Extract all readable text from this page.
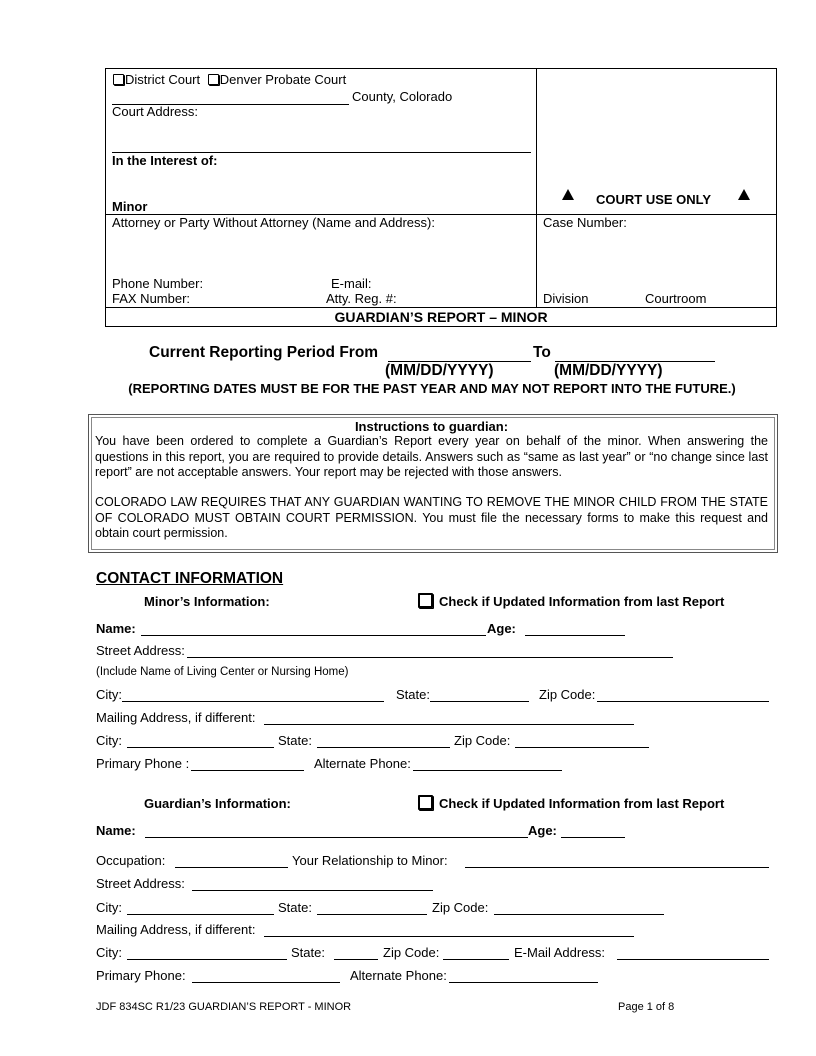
District Court Denver Probate Court
County, Colorado
Court Address:
In the Interest of:
Minor	COURT USE ONLY
Attorney or Party Without Attorney (Name and Address):
Phone Number:	E-mail:
FAX Number:	Atty. Reg. #:
Case Number:
Division	Courtroom
GUARDIAN’S REPORT – MINOR
Current Reporting Period From	To
(MM/DD/YYYY)	(MM/DD/YYYY)
(REPORTING DATES MUST BE FOR THE PAST YEAR AND MAY NOT REPORT INTO THE FUTURE.)
Instructions to guardian:
You have been ordered to complete a Guardian’s Report every year on behalf of the minor. When answering the questions in this report, you are required to provide details. Answers such as “same as last year” or “no change since last report” are not acceptable answers. Your report may be rejected with those answers.
COLORADO LAW REQUIRES THAT ANY GUARDIAN WANTING TO REMOVE THE MINOR CHILD FROM THE STATE OF COLORADO MUST OBTAIN COURT PERMISSION. You must file the necessary forms to make this request and obtain court permission.
CONTACT INFORMATION
Minor’s Information:	Check if Updated Information from last Report
Name:	Age:
Street Address:
(Include Name of Living Center or Nursing Home)
City:	State:	Zip Code:
Mailing Address, if different:
City:	State:	Zip Code:
Primary Phone :	Alternate Phone:
Guardian’s Information:	Check if Updated Information from last Report
Name:	Age:
Occupation:	Your Relationship to Minor:
Street Address:
City:	State:	Zip Code:
Mailing Address, if different:
City:	State:	Zip Code:	E-Mail Address:
Primary Phone:	Alternate Phone:
JDF 834SC R1/23 GUARDIAN’S REPORT - MINOR	Page 1 of 8
